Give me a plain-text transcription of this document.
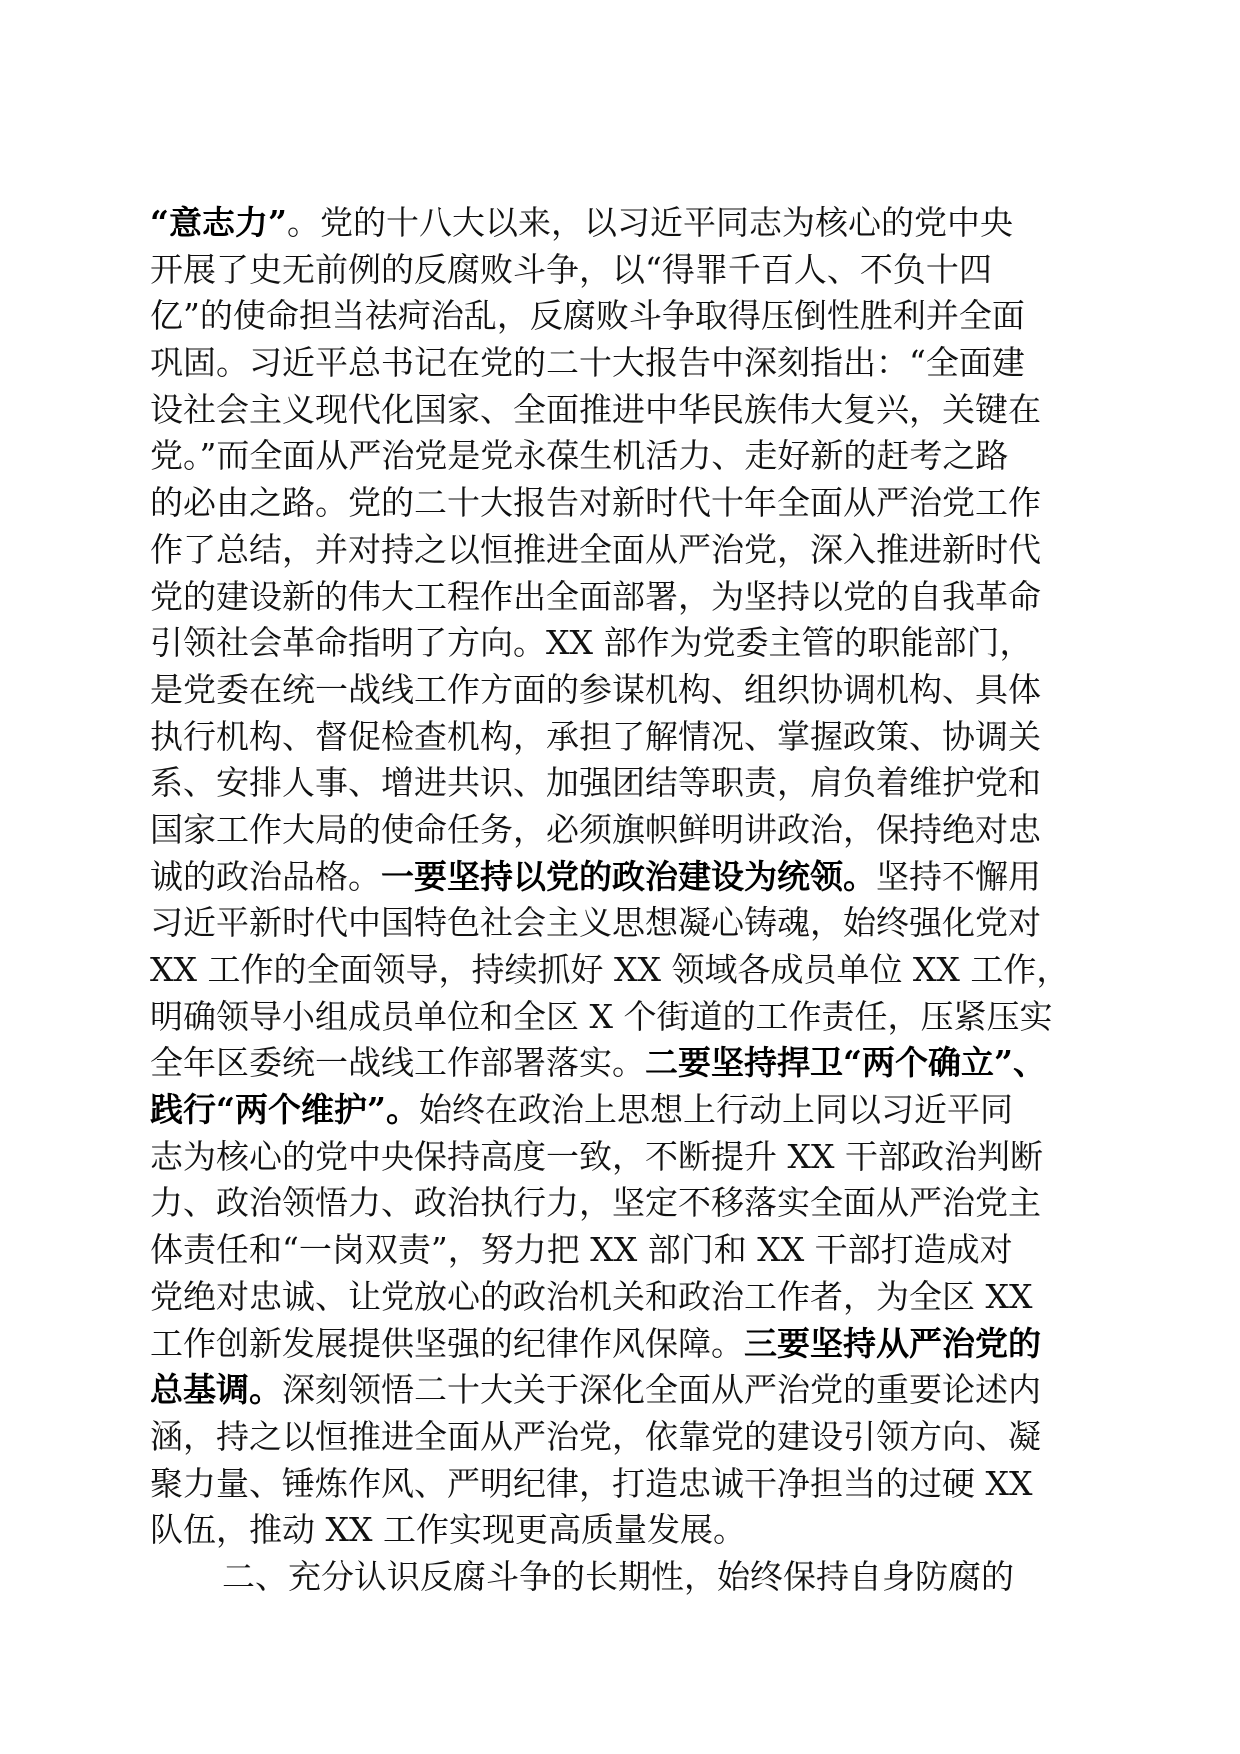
“意志力”。党的十八大以来，以习近平同志为核心的党中央
开展了史无前例的反腐败斗争，以“得罪千百人、不负十四
亿”的使命担当祛疴治乱，反腐败斗争取得压倒性胜利并全面
巩固。习近平总书记在党的二十大报告中深刻指出：“全面建
设社会主义现代化国家、全面推进中华民族伟大复兴，关键在
党。”而全面从严治党是党永葆生机活力、走好新的赶考之路
的必由之路。党的二十大报告对新时代十年全面从严治党工作
作了总结，并对持之以恒推进全面从严治党，深入推进新时代
党的建设新的伟大工程作出全面部署，为坚持以党的自我革命
引领社会革命指明了方向。XX 部作为党委主管的职能部门，
是党委在统一战线工作方面的参谋机构、组织协调机构、具体
执行机构、督促检查机构，承担了解情况、掌握政策、协调关
系、安排人事、增进共识、加强团结等职责，肩负着维护党和
国家工作大局的使命任务，必须旗帜鲜明讲政治，保持绝对忠
诚的政治品格。一要坚持以党的政治建设为统领。坚持不懈用
习近平新时代中国特色社会主义思想凝心铸魂，始终强化党对
XX 工作的全面领导，持续抓好 XX 领域各成员单位 XX 工作，
明确领导小组成员单位和全区 X 个街道的工作责任，压紧压实
全年区委统一战线工作部署落实。二要坚持捍卫“两个确立”、
践行“两个维护”。始终在政治上思想上行动上同以习近平同
志为核心的党中央保持高度一致，不断提升 XX 干部政治判断
力、政治领悟力、政治执行力，坚定不移落实全面从严治党主
体责任和“一岗双责”，努力把 XX 部门和 XX 干部打造成对
党绝对忠诚、让党放心的政治机关和政治工作者，为全区 XX
工作创新发展提供坚强的纪律作风保障。三要坚持从严治党的
总基调。深刻领悟二十大关于深化全面从严治党的重要论述内
涵，持之以恒推进全面从严治党，依靠党的建设引领方向、凝
聚力量、锤炼作风、严明纪律，打造忠诚干净担当的过硬 XX
队伍，推动 XX 工作实现更高质量发展。
二、充分认识反腐斗争的长期性，始终保持自身防腐的
